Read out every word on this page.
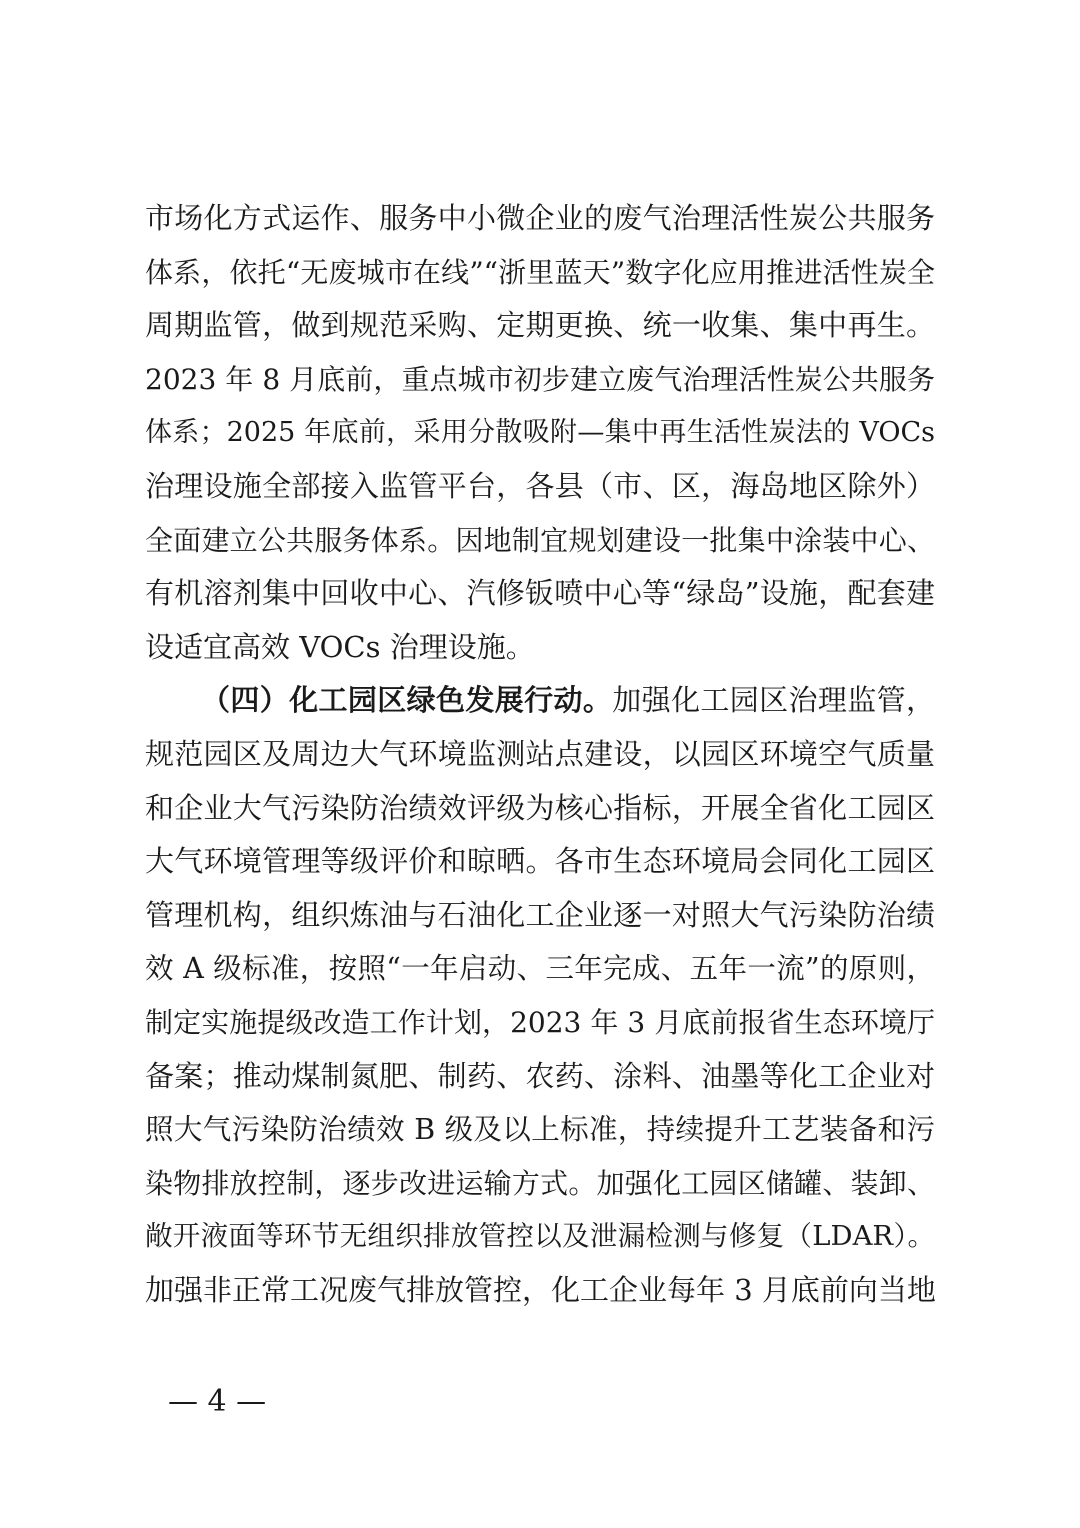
市场化方式运作、服务中小微企业的废气治理活性炭公共服务
体系，依托“无废城市在线”“浙里蓝天”数字化应用推进活性炭全
周期监管，做到规范采购、定期更换、统一收集、集中再生。
2023 年 8 月底前，重点城市初步建立废气治理活性炭公共服务
体系；2025 年底前，采用分散吸附—集中再生活性炭法的 VOCs
治理设施全部接入监管平台，各县（市、区，海岛地区除外）
全面建立公共服务体系。因地制宜规划建设一批集中涂装中心、
有机溶剂集中回收中心、汽修钣喷中心等“绿岛”设施，配套建
设适宜高效 VOCs 治理设施。
（四）化工园区绿色发展行动。加强化工园区治理监管，
规范园区及周边大气环境监测站点建设，以园区环境空气质量
和企业大气污染防治绩效评级为核心指标，开展全省化工园区
大气环境管理等级评价和晾晒。各市生态环境局会同化工园区
管理机构，组织炼油与石油化工企业逐一对照大气污染防治绩
效 A 级标准，按照“一年启动、三年完成、五年一流”的原则，
制定实施提级改造工作计划，2023 年 3 月底前报省生态环境厅
备案；推动煤制氮肥、制药、农药、涂料、油墨等化工企业对
照大气污染防治绩效 B 级及以上标准，持续提升工艺装备和污
染物排放控制，逐步改进运输方式。加强化工园区储罐、装卸、
敞开液面等环节无组织排放管控以及泄漏检测与修复（LDAR）。
加强非正常工况废气排放管控，化工企业每年 3 月底前向当地
— 4 —
